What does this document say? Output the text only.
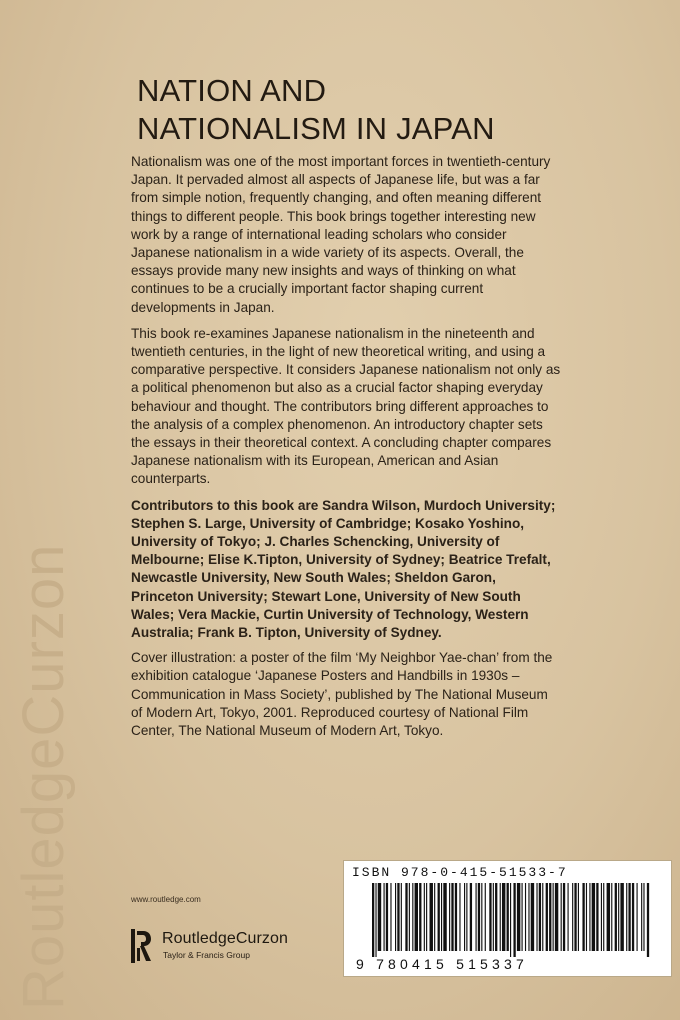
RoutledgeCurzon
NATION AND
NATIONALISM IN JAPAN

Nationalism was one of the most important forces in twentieth-century Japan. It pervaded almost all aspects of Japanese life, but was a far from simple notion, frequently changing, and often meaning different things to different people. This book brings together interesting new work by a range of international leading scholars who consider Japanese nationalism in a wide variety of its aspects. Overall, the essays provide many new insights and ways of thinking on what continues to be a crucially important factor shaping current developments in Japan.

This book re-examines Japanese nationalism in the nineteenth and twentieth centuries, in the light of new theoretical writing, and using a comparative perspective. It considers Japanese nationalism not only as a political phenomenon but also as a crucial factor shaping everyday behaviour and thought. The contributors bring different approaches to the analysis of a complex phenomenon. An introductory chapter sets the essays in their theoretical context. A concluding chapter compares Japanese nationalism with its European, American and Asian counterparts.

Contributors to this book are Sandra Wilson, Murdoch University; Stephen S. Large, University of Cambridge; Kosako Yoshino, University of Tokyo; J. Charles Schencking, University of Melbourne; Elise K.Tipton, University of Sydney; Beatrice Trefalt, Newcastle University, New South Wales; Sheldon Garon, Princeton University; Stewart Lone, University of New South Wales; Vera Mackie, Curtin University of Technology, Western Australia; Frank B. Tipton, University of Sydney.

Cover illustration: a poster of the film ‘My Neighbor Yae-chan’ from the exhibition catalogue ‘Japanese Posters and Handbills in 1930s – Communication in Mass Society’, published by The National Museum of Modern Art, Tokyo, 2001. Reproduced courtesy of National Film Center, The National Museum of Modern Art, Tokyo.

www.routledge.com
RoutledgeCurzon
Taylor & Francis Group
ISBN 978-0-415-51533-7
9 780415 515337
